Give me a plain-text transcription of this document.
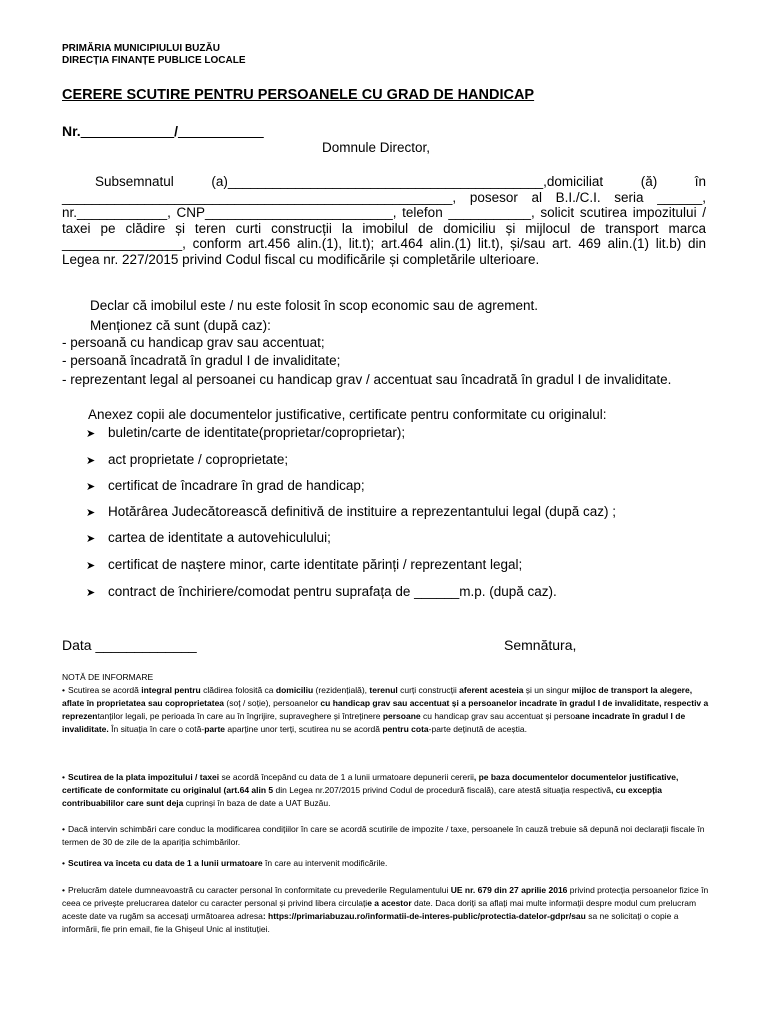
PRIMĂRIA MUNICIPIULUI BUZĂU
DIRECȚIA FINANȚE PUBLICE LOCALE
CERERE SCUTIRE PENTRU PERSOANELE CU GRAD DE HANDICAP
Nr.____________/___________
Domnule Director,
Subsemnatul (a)__________________________________________,domiciliat (ă) în ____________________________________________________, posesor al B.I./C.I. seria ______, nr.____________, CNP_________________________, telefon ___________, solicit scutirea impozitului / taxei pe clădire și teren curti construcții la imobilul de domiciliu și mijlocul de transport marca ________________, conform art.456 alin.(1), lit.t); art.464 alin.(1) lit.t), și/sau art. 469 alin.(1) lit.b) din Legea nr. 227/2015 privind Codul fiscal cu modificările și completările ulterioare.
Declar că imobilul este / nu este folosit în scop economic sau de agrement.
Menționez că sunt (după caz):
- persoană cu handicap grav sau accentuat;
- persoană încadrată în gradul I de invaliditate;
- reprezentant legal al persoanei cu handicap grav / accentuat sau încadrată în gradul I de invaliditate.
Anexez copii ale documentelor justificative, certificate pentru conformitate cu originalul:
➤ buletin/carte de identitate(proprietar/coproprietar);
➤ act proprietate / coproprietate;
➤ certificat de încadrare în grad de handicap;
➤ Hotărârea Judecătorească definitivă de instituire a reprezentantului legal (după caz) ;
➤ cartea de identitate a autovehiculului;
➤ certificat de naștere minor, carte identitate părinți / reprezentant legal;
➤ contract de închiriere/comodat pentru suprafața de ______m.p. (după caz).
Data _____________	Semnătura,
NOTĂ DE INFORMARE
• Scutirea se acordă integral pentru clădirea folosită ca domiciliu (rezidențială), terenul curți construcții aferent acesteia și un singur mijloc de transport la alegere, aflate în proprietatea sau coproprietatea (soț / soție), persoanelor cu handicap grav sau accentuat și a persoanelor incadrate în gradul I de invaliditate, respectiv a reprezentanților legali, pe perioada în care au în îngrijire, supraveghere și întreținere persoane cu handicap grav sau accentuat și persoane incadrate în gradul I de invaliditate. În situația în care o cotă-parte aparține unor terți, scutirea nu se acordă pentru cota-parte deținută de aceștia.
• Scutirea de la plata impozitului / taxei se acordă începând cu data de 1 a lunii urmatoare depunerii cererii, pe baza documentelor documentelor justificative, certificate de conformitate cu originalul (art.64 alin 5 din Legea nr.207/2015 privind Codul de procedură fiscală), care atestă situația respectivă, cu excepția contribuabililor care sunt deja cuprinși în baza de date a UAT Buzău.
• Dacă intervin schimbări care conduc la modificarea condițiilor în care se acordă scutirile de impozite / taxe, persoanele în cauză trebuie să depună noi declarații fiscale în termen de 30 de zile de la apariția schimbărilor.
• Scutirea va înceta cu data de 1 a lunii urmatoare în care au intervenit modificările.
• Prelucrăm datele dumneavoastră cu caracter personal în conformitate cu prevederile Regulamentului UE nr. 679 din 27 aprilie 2016 privind protecția persoanelor fizice în ceea ce privește prelucrarea datelor cu caracter personal și privind libera circulație a acestor date. Daca doriți sa aflați mai multe informații despre modul cum prelucram aceste date va rugăm sa accesați următoarea adresa: https://primariabuzau.ro/informatii-de-interes-public/protectia-datelor-gdpr/sau sa ne solicitați o copie a informării, fie prin email, fie la Ghișeul Unic al instituției.
